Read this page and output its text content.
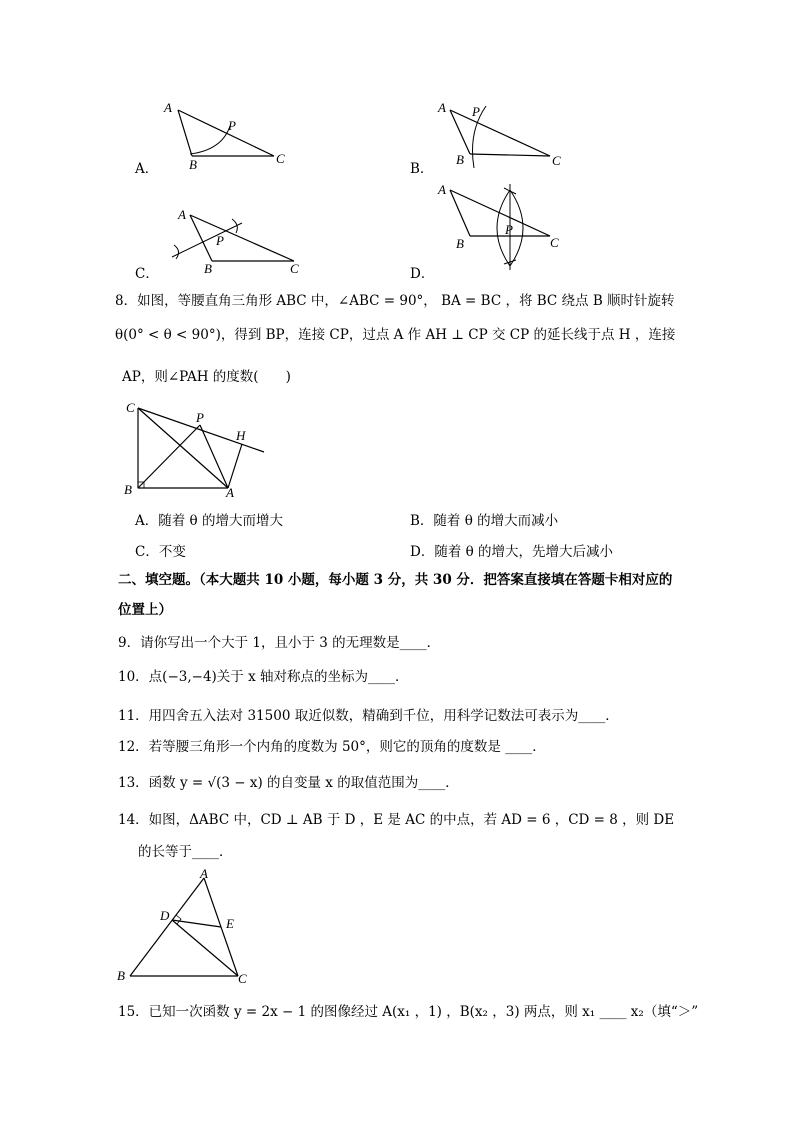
A
P
B	C
A．
A P
B	C
B．
A
P
B	C
C．
A
P
B	C
D．
8．如图，等腰直角三角形 ABC 中，∠ABC = 90°， BA = BC ，将 BC 绕点 B 顺时针旋转
θ(0° < θ < 90°)，得到 BP，连接 CP，过点 A 作 AH ⊥ CP 交 CP 的延长线于点 H ，连接
AP，则∠PAH 的度数(　　)
C
P
H
B	A
A．随着 θ 的增大而增大	B．随着 θ 的增大而减小
C．不变	D．随着 θ 的增大，先增大后减小
二、填空题。（本大题共 10 小题，每小题 3 分，共 30 分．把答案直接填在答题卡相对应的
位置上）
9．请你写出一个大于 1，且小于 3 的无理数是____．
10．点(−3,−4)关于 x 轴对称点的坐标为____．
11．用四舍五入法对 31500 取近似数，精确到千位，用科学记数法可表示为____．
12．若等腰三角形一个内角的度数为 50°，则它的顶角的度数是 ____．
13．函数 y = √(3 − x) 的自变量 x 的取值范围为____．
14．如图，ΔABC 中，CD ⊥ AB 于 D ，E 是 AC 的中点，若 AD = 6 ，CD = 8 ，则 DE
的长等于____．
A
D
E
B	C
15．已知一次函数 y = 2x − 1 的图像经过 A(x₁ ，1) ，B(x₂ ，3) 两点，则 x₁ ____ x₂（填“＞”
